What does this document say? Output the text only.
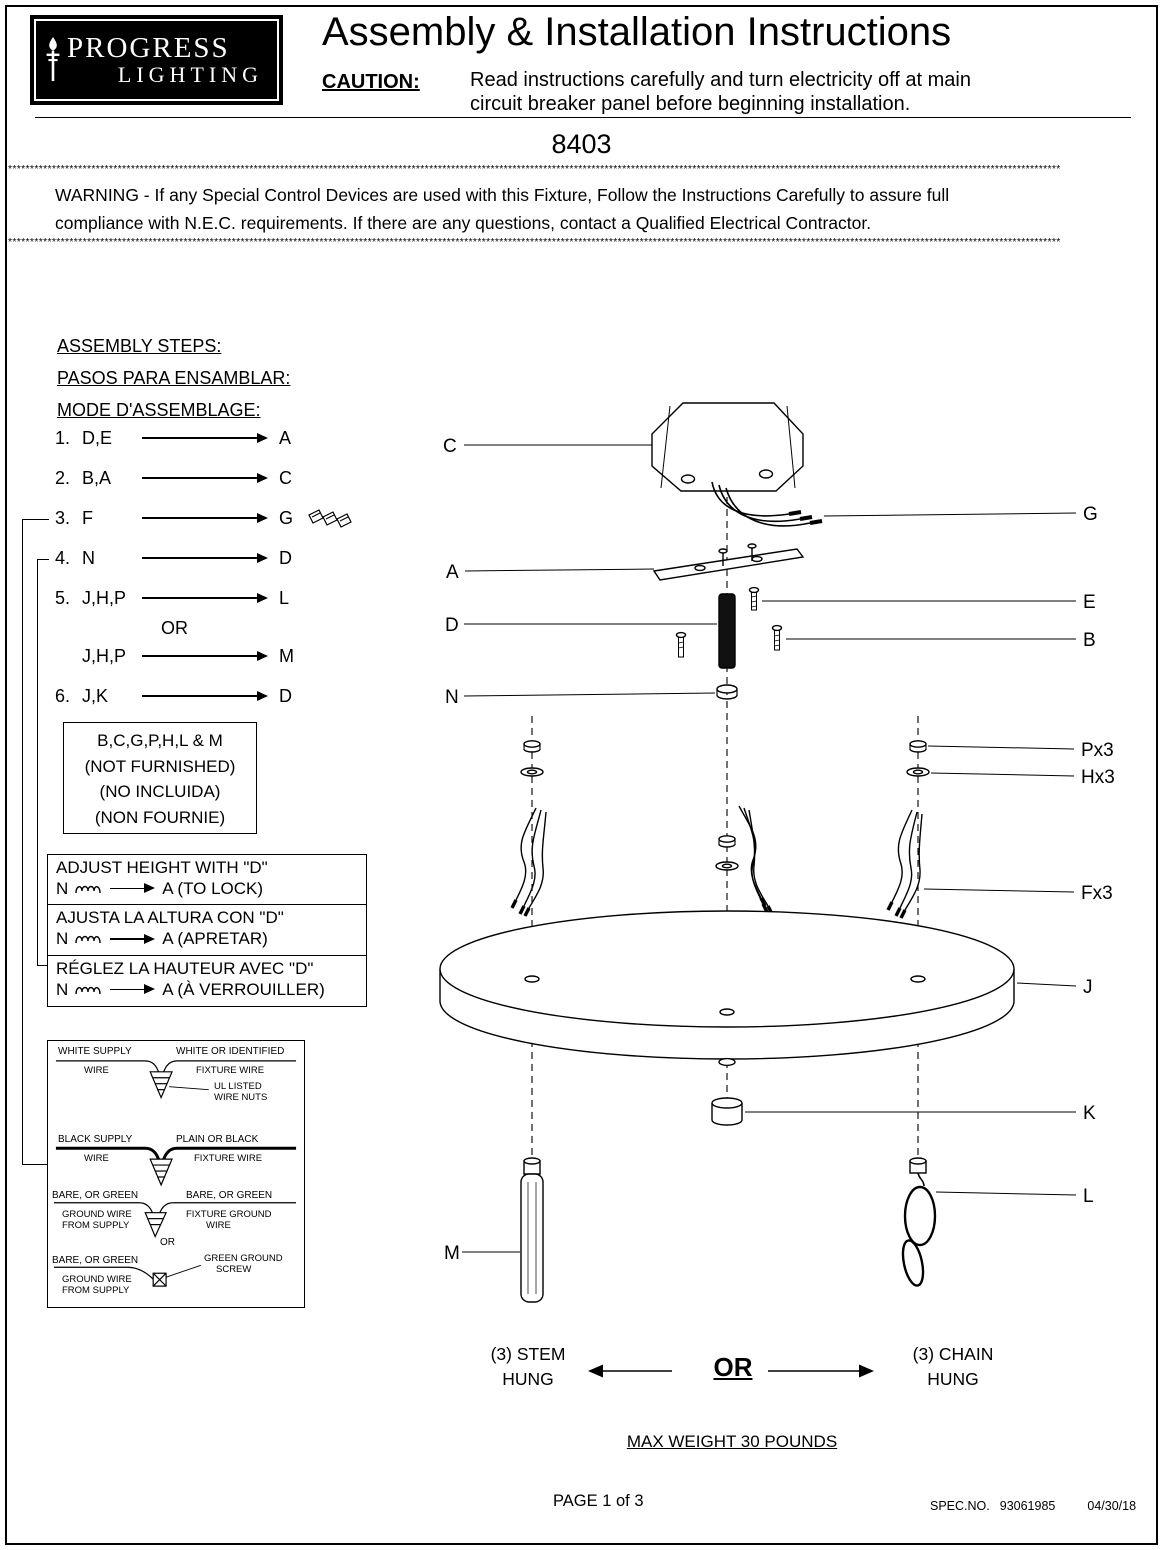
PROGRESS
LIGHTING
Assembly & Installation Instructions
CAUTION:	Read instructions carefully and turn electricity off at main
circuit breaker panel before beginning installation.
8403
************************************************************************************************************************************************************************************************************************************************
WARNING - If any Special Control Devices are used with this Fixture, Follow the Instructions Carefully to assure full
compliance with N.E.C. requirements. If there are any questions, contact a Qualified Electrical Contractor.
************************************************************************************************************************************************************************************************************************************************
ASSEMBLY STEPS:
PASOS PARA ENSAMBLAR:
MODE D'ASSEMBLAGE:
1. D,E	A
2. B,A	C
3. F	G
4. N	D
5. J,H,P	L
OR
J,H,P	M
6. J,K	D
B,C,G,P,H,L & M
(NOT FURNISHED)
(NO INCLUIDA)
(NON FOURNIE)
ADJUST HEIGHT WITH "D"
N	A (TO LOCK)
AJUSTA LA ALTURA CON "D"
N	A (APRETAR)
RÉGLEZ LA HAUTEUR AVEC "D"
N	A (À VERROUILLER)
WHITE SUPPLY
WIRE
WHITE OR IDENTIFIED
FIXTURE WIRE
UL LISTED
WIRE NUTS
BLACK SUPPLY
WIRE
PLAIN OR BLACK
FIXTURE WIRE
BARE, OR GREEN
GROUND WIRE
FROM SUPPLY
BARE, OR GREEN
FIXTURE GROUND
WIRE
OR
BARE, OR GREEN
GROUND WIRE
FROM SUPPLY
GREEN GROUND
SCREW
C
G
A
E
D
B
N
Px3
Hx3
Fx3
J
K
L
M
(3) STEM
HUNG	OR	(3) CHAIN
HUNG
MAX WEIGHT 30 POUNDS
PAGE 1 of 3	SPEC.NO. 93061985	04/30/18
